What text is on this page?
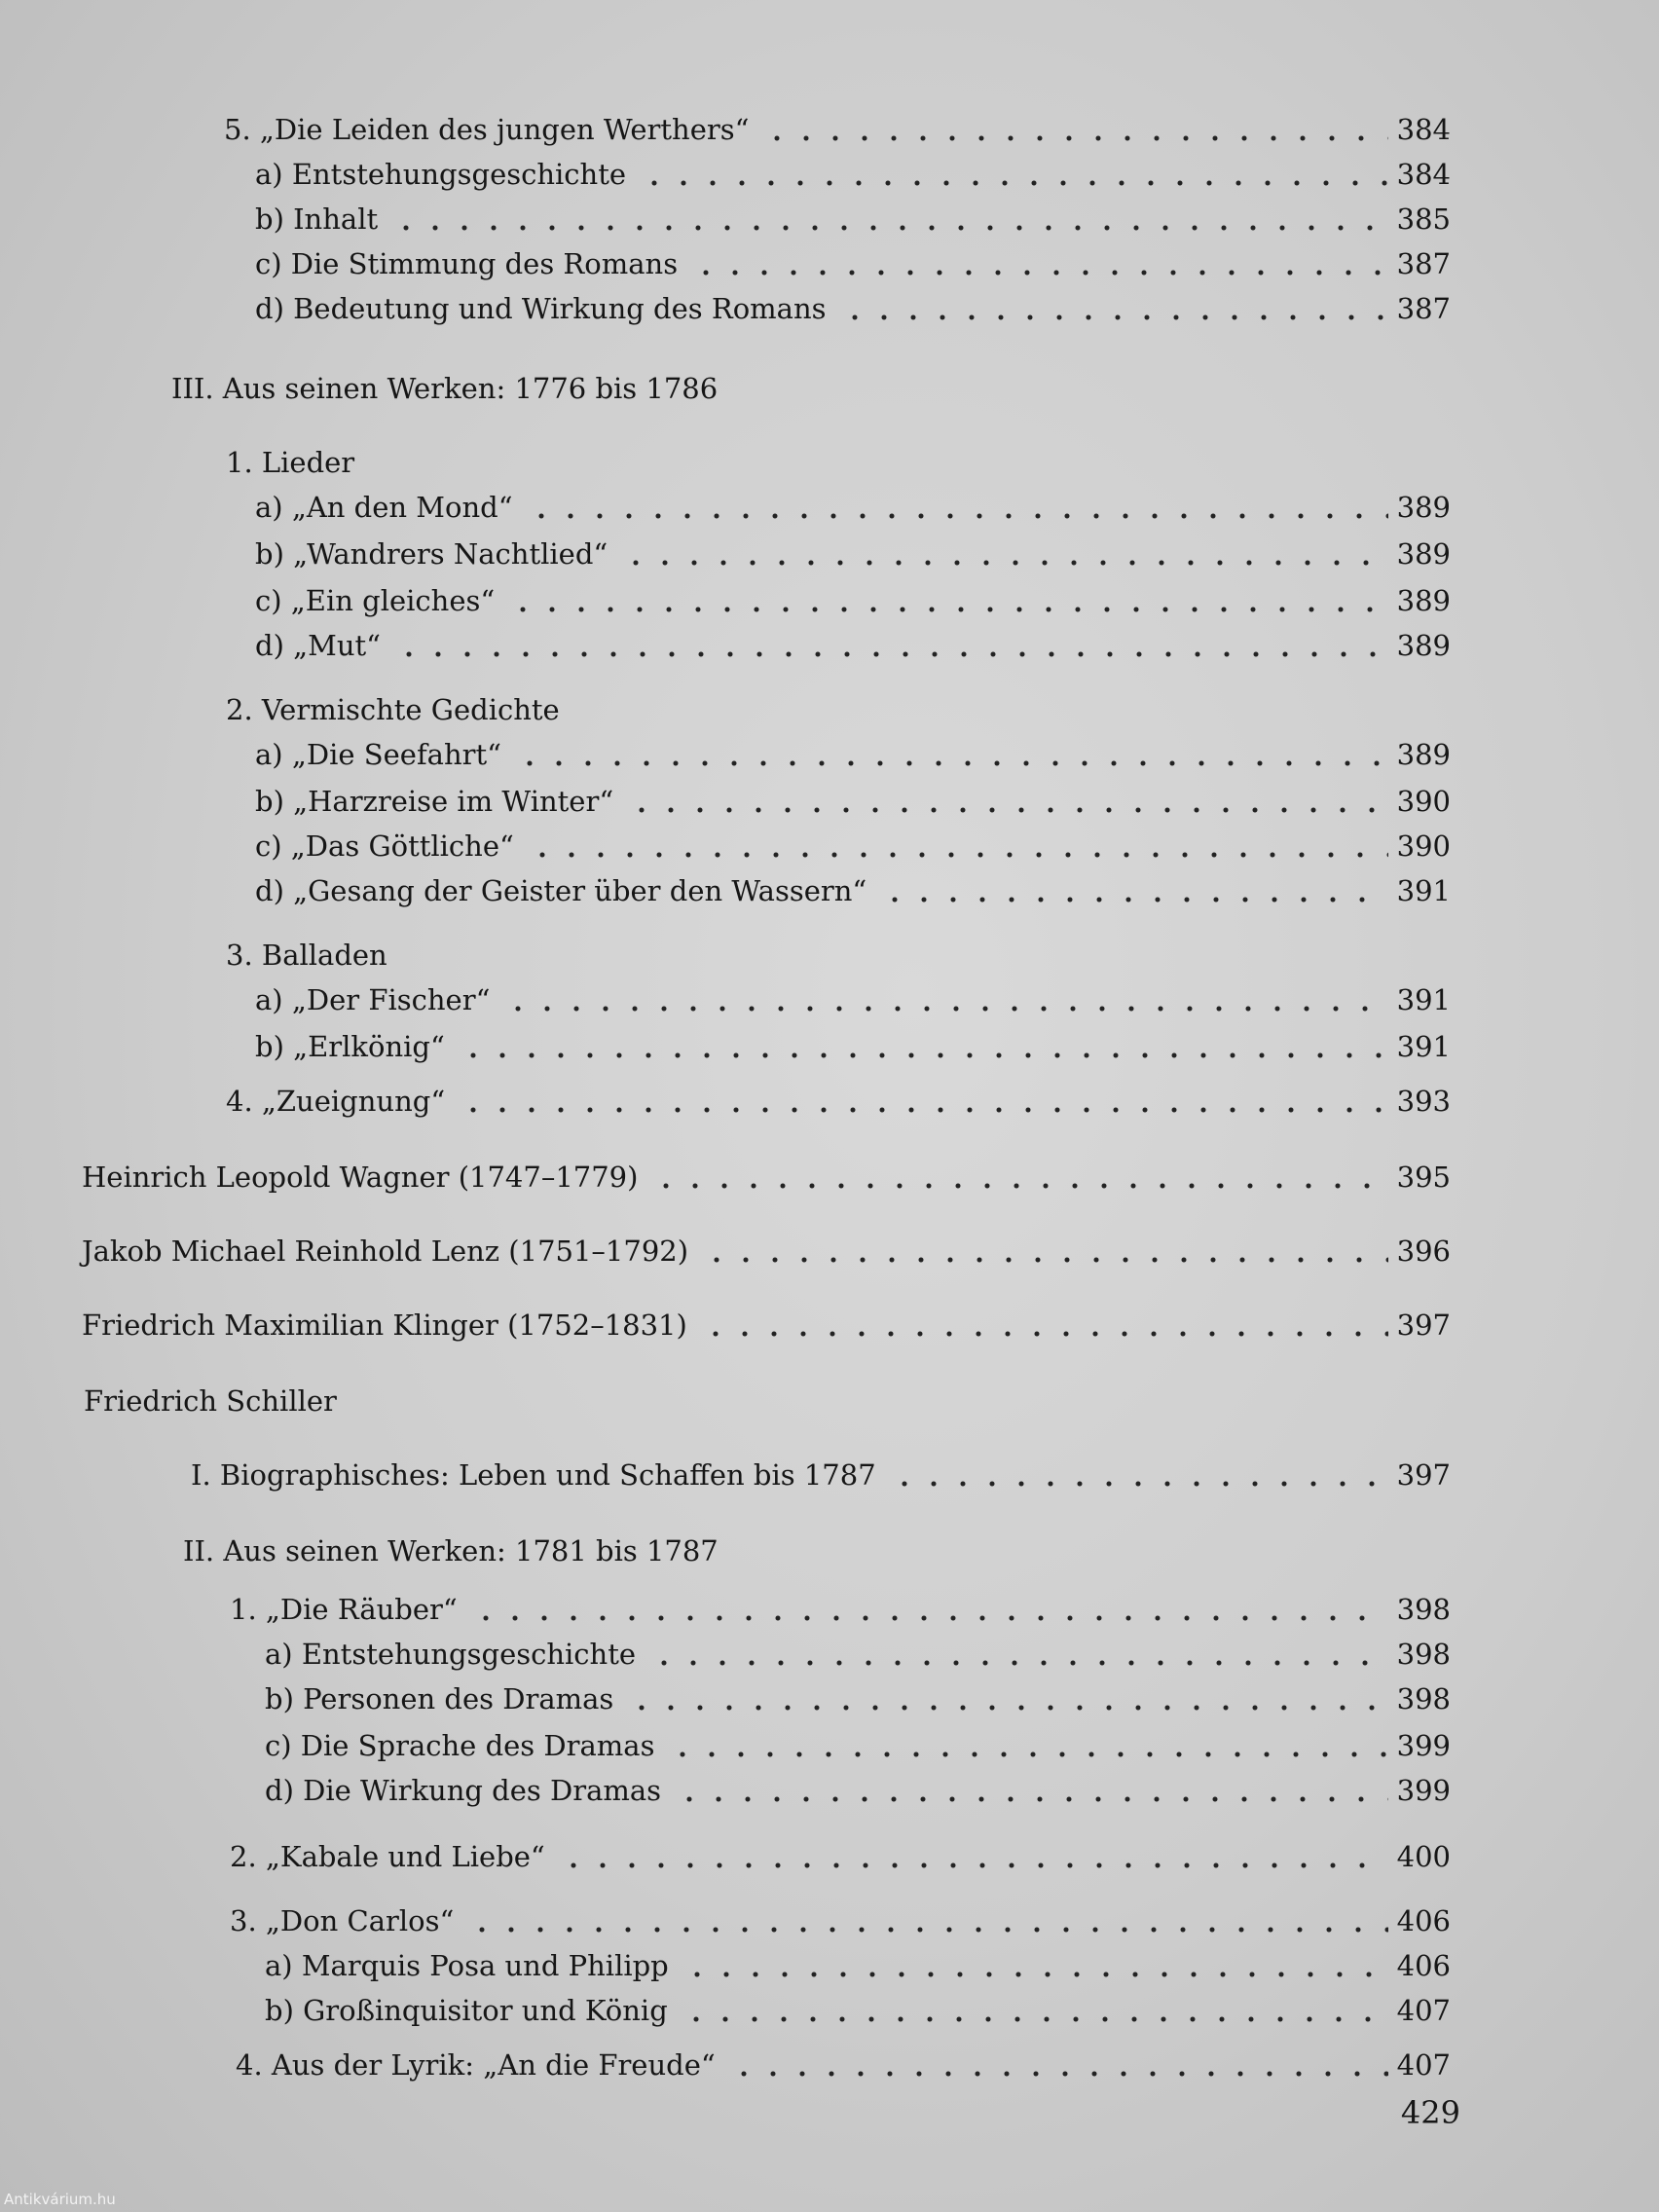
5. „Die Leiden des jungen Werthers“	384
a) Entstehungsgeschichte	384
b) Inhalt	385
c) Die Stimmung des Romans	387
d) Bedeutung und Wirkung des Romans	387
III. Aus seinen Werken: 1776 bis 1786
1. Lieder
a) „An den Mond“	389
b) „Wandrers Nachtlied“	389
c) „Ein gleiches“	389
d) „Mut“	389
2. Vermischte Gedichte
a) „Die Seefahrt“	389
b) „Harzreise im Winter“	390
c) „Das Göttliche“	390
d) „Gesang der Geister über den Wassern“	391
3. Balladen
a) „Der Fischer“	391
b) „Erlkönig“	391
4. „Zueignung“	393
Heinrich Leopold Wagner (1747–1779)	395
Jakob Michael Reinhold Lenz (1751–1792)	396
Friedrich Maximilian Klinger (1752–1831)	397
Friedrich Schiller
I. Biographisches: Leben und Schaffen bis 1787	397
II. Aus seinen Werken: 1781 bis 1787
1. „Die Räuber“	398
a) Entstehungsgeschichte	398
b) Personen des Dramas	398
c) Die Sprache des Dramas	399
d) Die Wirkung des Dramas	399
2. „Kabale und Liebe“	400
3. „Don Carlos“	406
a) Marquis Posa und Philipp	406
b) Großinquisitor und König	407
4. Aus der Lyrik: „An die Freude“	407
429
Antikvárium.hu
